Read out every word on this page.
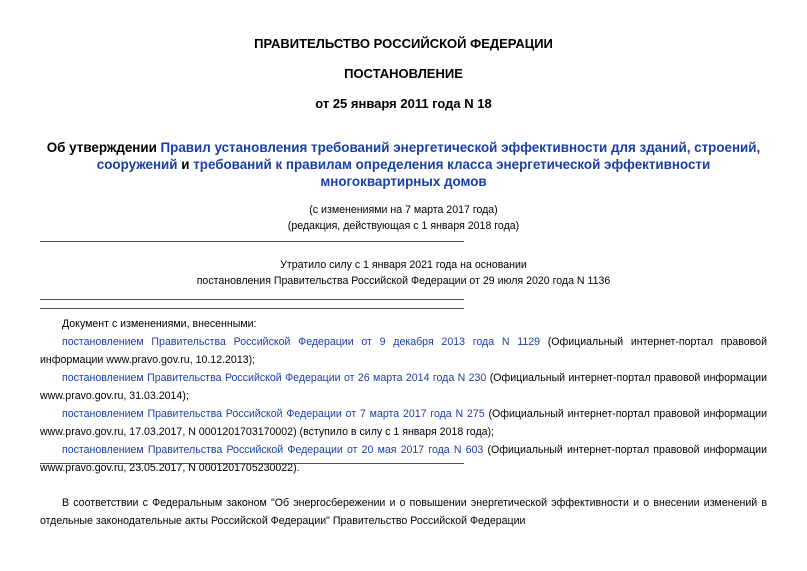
ПРАВИТЕЛЬСТВО РОССИЙСКОЙ ФЕДЕРАЦИИ
ПОСТАНОВЛЕНИЕ
от 25 января 2011 года N 18
Об утверждении Правил установления требований энергетической эффективности для зданий, строений, сооружений и требований к правилам определения класса энергетической эффективности многоквартирных домов
(с изменениями на 7 марта 2017 года)
(редакция, действующая с 1 января 2018 года)
Утратило силу с 1 января 2021 года на основании
постановления Правительства Российской Федерации от 29 июля 2020 года N 1136

Документ с изменениями, внесенными:

постановлением Правительства Российской Федерации от 9 декабря 2013 года N 1129 (Официальный интернет-портал правовой информации www.pravo.gov.ru, 10.12.2013);

постановлением Правительства Российской Федерации от 26 марта 2014 года N 230 (Официальный интернет-портал правовой информации www.pravo.gov.ru, 31.03.2014);

постановлением Правительства Российской Федерации от 7 марта 2017 года N 275 (Официальный интернет-портал правовой информации www.pravo.gov.ru, 17.03.2017, N 0001201703170002) (вступило в силу с 1 января 2018 года);

постановлением Правительства Российской Федерации от 20 мая 2017 года N 603 (Официальный интернет-портал правовой информации www.pravo.gov.ru, 23.05.2017, N 0001201705230022).

В соответствии с Федеральным законом "Об энергосбережении и о повышении энергетической эффективности и о внесении изменений в отдельные законодательные акты Российской Федерации" Правительство Российской Федерации
